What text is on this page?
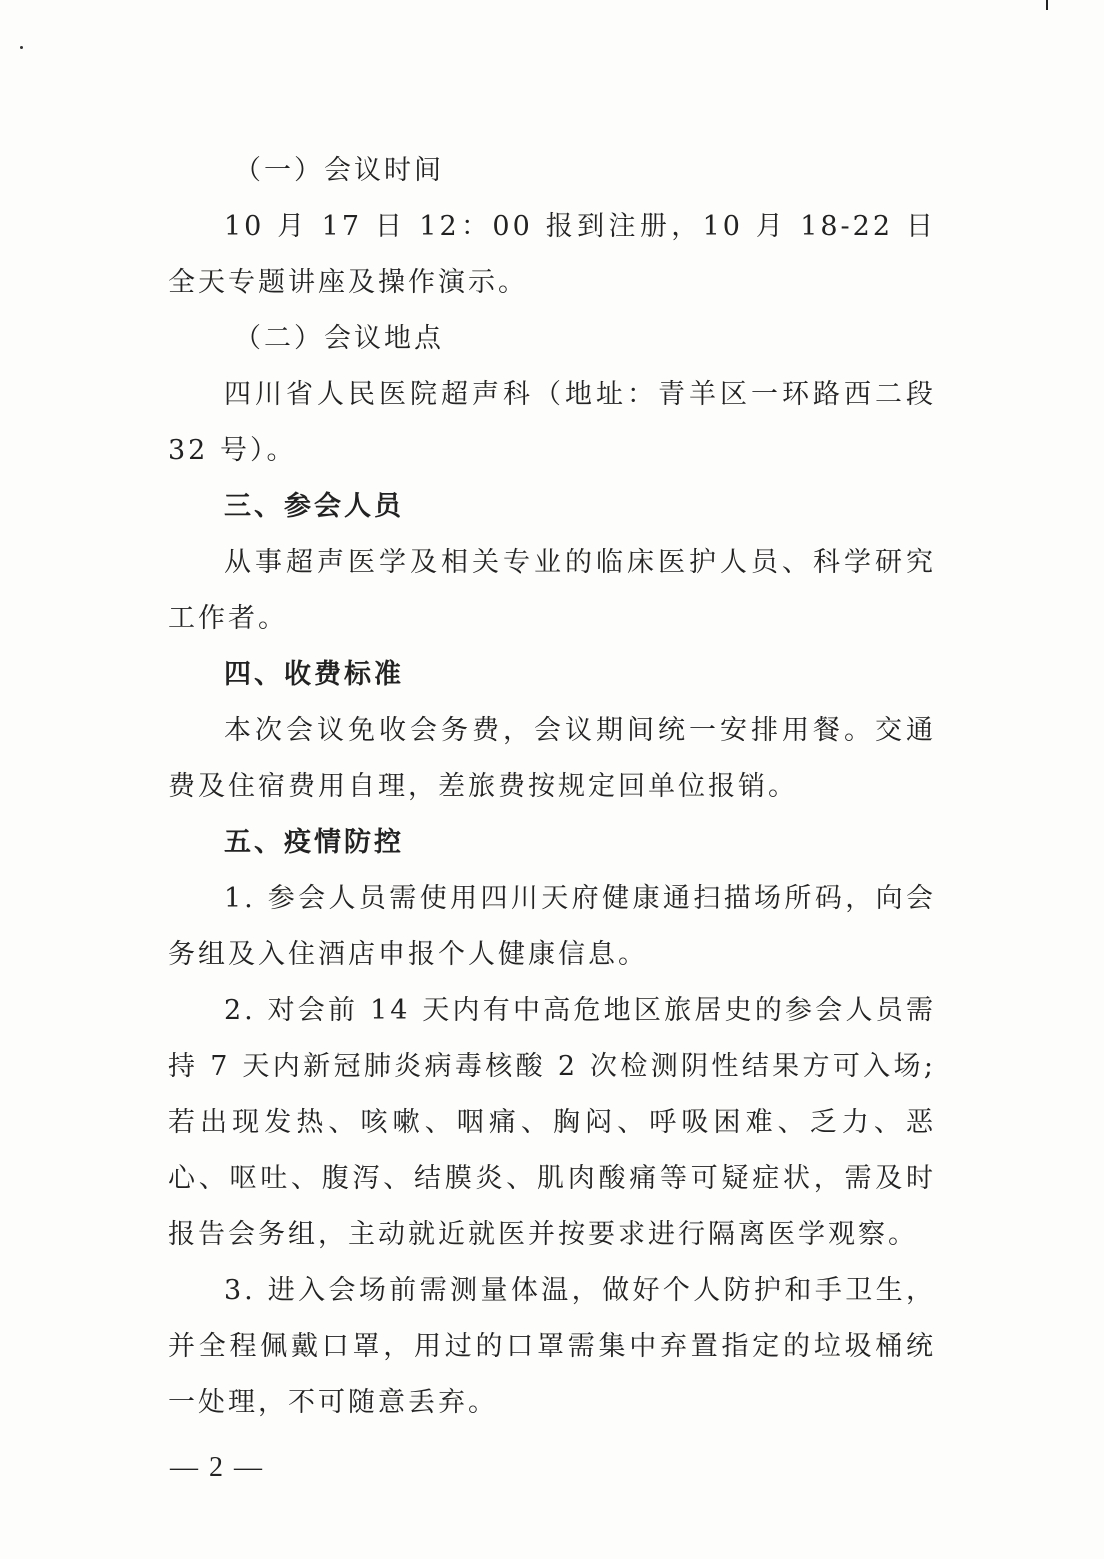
（一）会议时间

10 月 17 日 12：00 报到注册，10 月 18-22 日全天专题讲座及操作演示。

（二）会议地点

四川省人民医院超声科（地址：青羊区一环路西二段 32 号）。

三、参会人员

从事超声医学及相关专业的临床医护人员、科学研究工作者。

四、收费标准

本次会议免收会务费，会议期间统一安排用餐。交通费及住宿费用自理，差旅费按规定回单位报销。

五、疫情防控

1. 参会人员需使用四川天府健康通扫描场所码，向会务组及入住酒店申报个人健康信息。

2. 对会前 14 天内有中高危地区旅居史的参会人员需持 7 天内新冠肺炎病毒核酸 2 次检测阴性结果方可入场;若出现发热、咳嗽、咽痛、胸闷、呼吸困难、乏力、恶心、呕吐、腹泻、结膜炎、肌肉酸痛等可疑症状，需及时报告会务组，主动就近就医并按要求进行隔离医学观察。

3. 进入会场前需测量体温，做好个人防护和手卫生，并全程佩戴口罩，用过的口罩需集中弃置指定的垃圾桶统一处理，不可随意丢弃。

— 2 —
